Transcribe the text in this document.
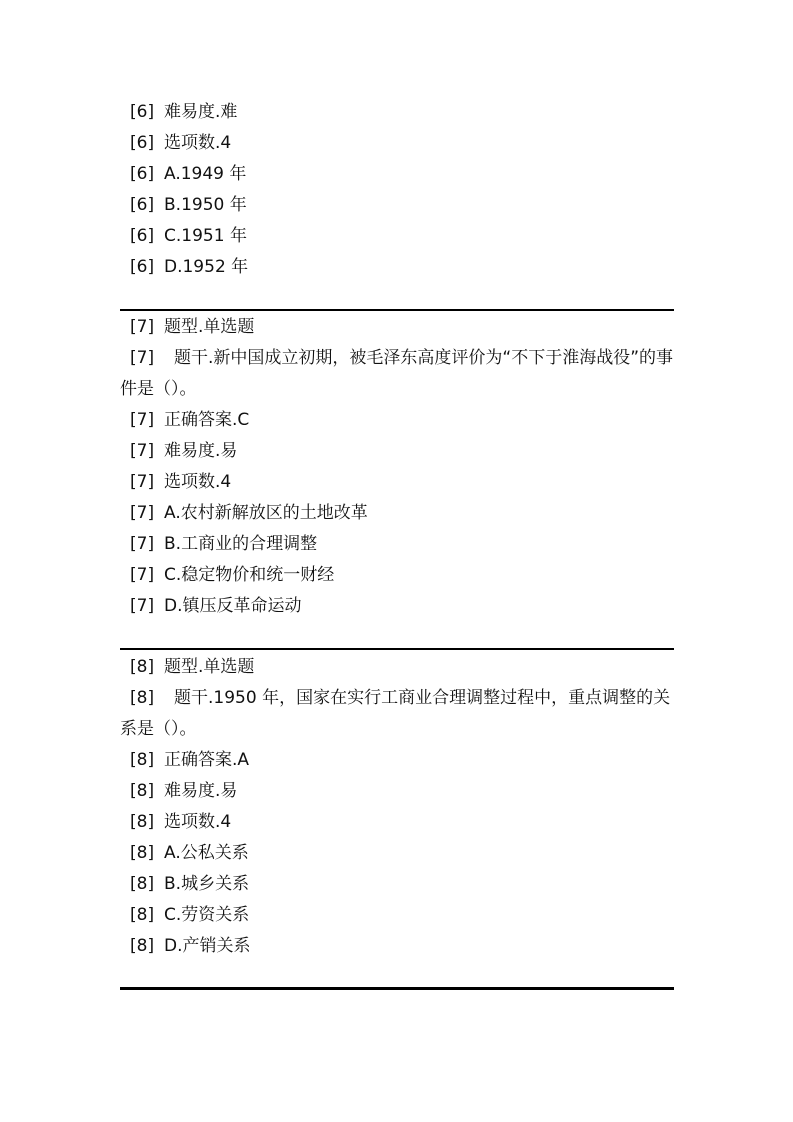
[6] 难易度.难
[6] 选项数.4
[6] A.1949 年
[6] B.1950 年
[6] C.1951 年
[6] D.1952 年
[7] 题型.单选题
[7] 题干.新中国成立初期，被毛泽东高度评价为“不下于淮海战役”的事件是（）。
[7] 正确答案.C
[7] 难易度.易
[7] 选项数.4
[7] A.农村新解放区的土地改革
[7] B.工商业的合理调整
[7] C.稳定物价和统一财经
[7] D.镇压反革命运动
[8] 题型.单选题
[8] 题干.1950 年，国家在实行工商业合理调整过程中，重点调整的关系是（）。
[8] 正确答案.A
[8] 难易度.易
[8] 选项数.4
[8] A.公私关系
[8] B.城乡关系
[8] C.劳资关系
[8] D.产销关系
